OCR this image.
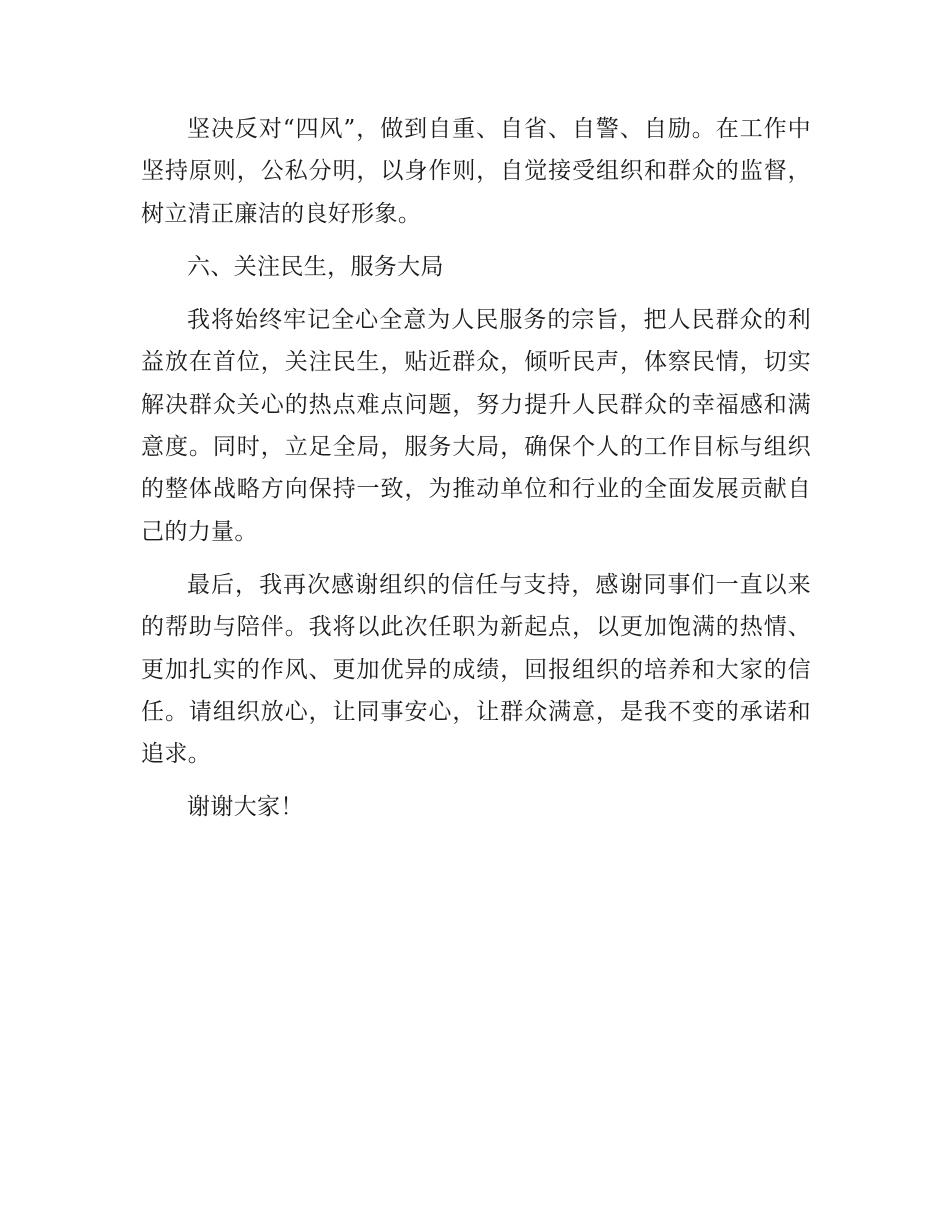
坚决反对“四风”，做到自重、自省、自警、自励。在工作中坚持原则，公私分明，以身作则，自觉接受组织和群众的监督，树立清正廉洁的良好形象。

六、关注民生，服务大局

我将始终牢记全心全意为人民服务的宗旨，把人民群众的利益放在首位，关注民生，贴近群众，倾听民声，体察民情，切实解决群众关心的热点难点问题，努力提升人民群众的幸福感和满意度。同时，立足全局，服务大局，确保个人的工作目标与组织的整体战略方向保持一致，为推动单位和行业的全面发展贡献自己的力量。

最后，我再次感谢组织的信任与支持，感谢同事们一直以来的帮助与陪伴。我将以此次任职为新起点，以更加饱满的热情、更加扎实的作风、更加优异的成绩，回报组织的培养和大家的信任。请组织放心，让同事安心，让群众满意，是我不变的承诺和追求。

谢谢大家！
